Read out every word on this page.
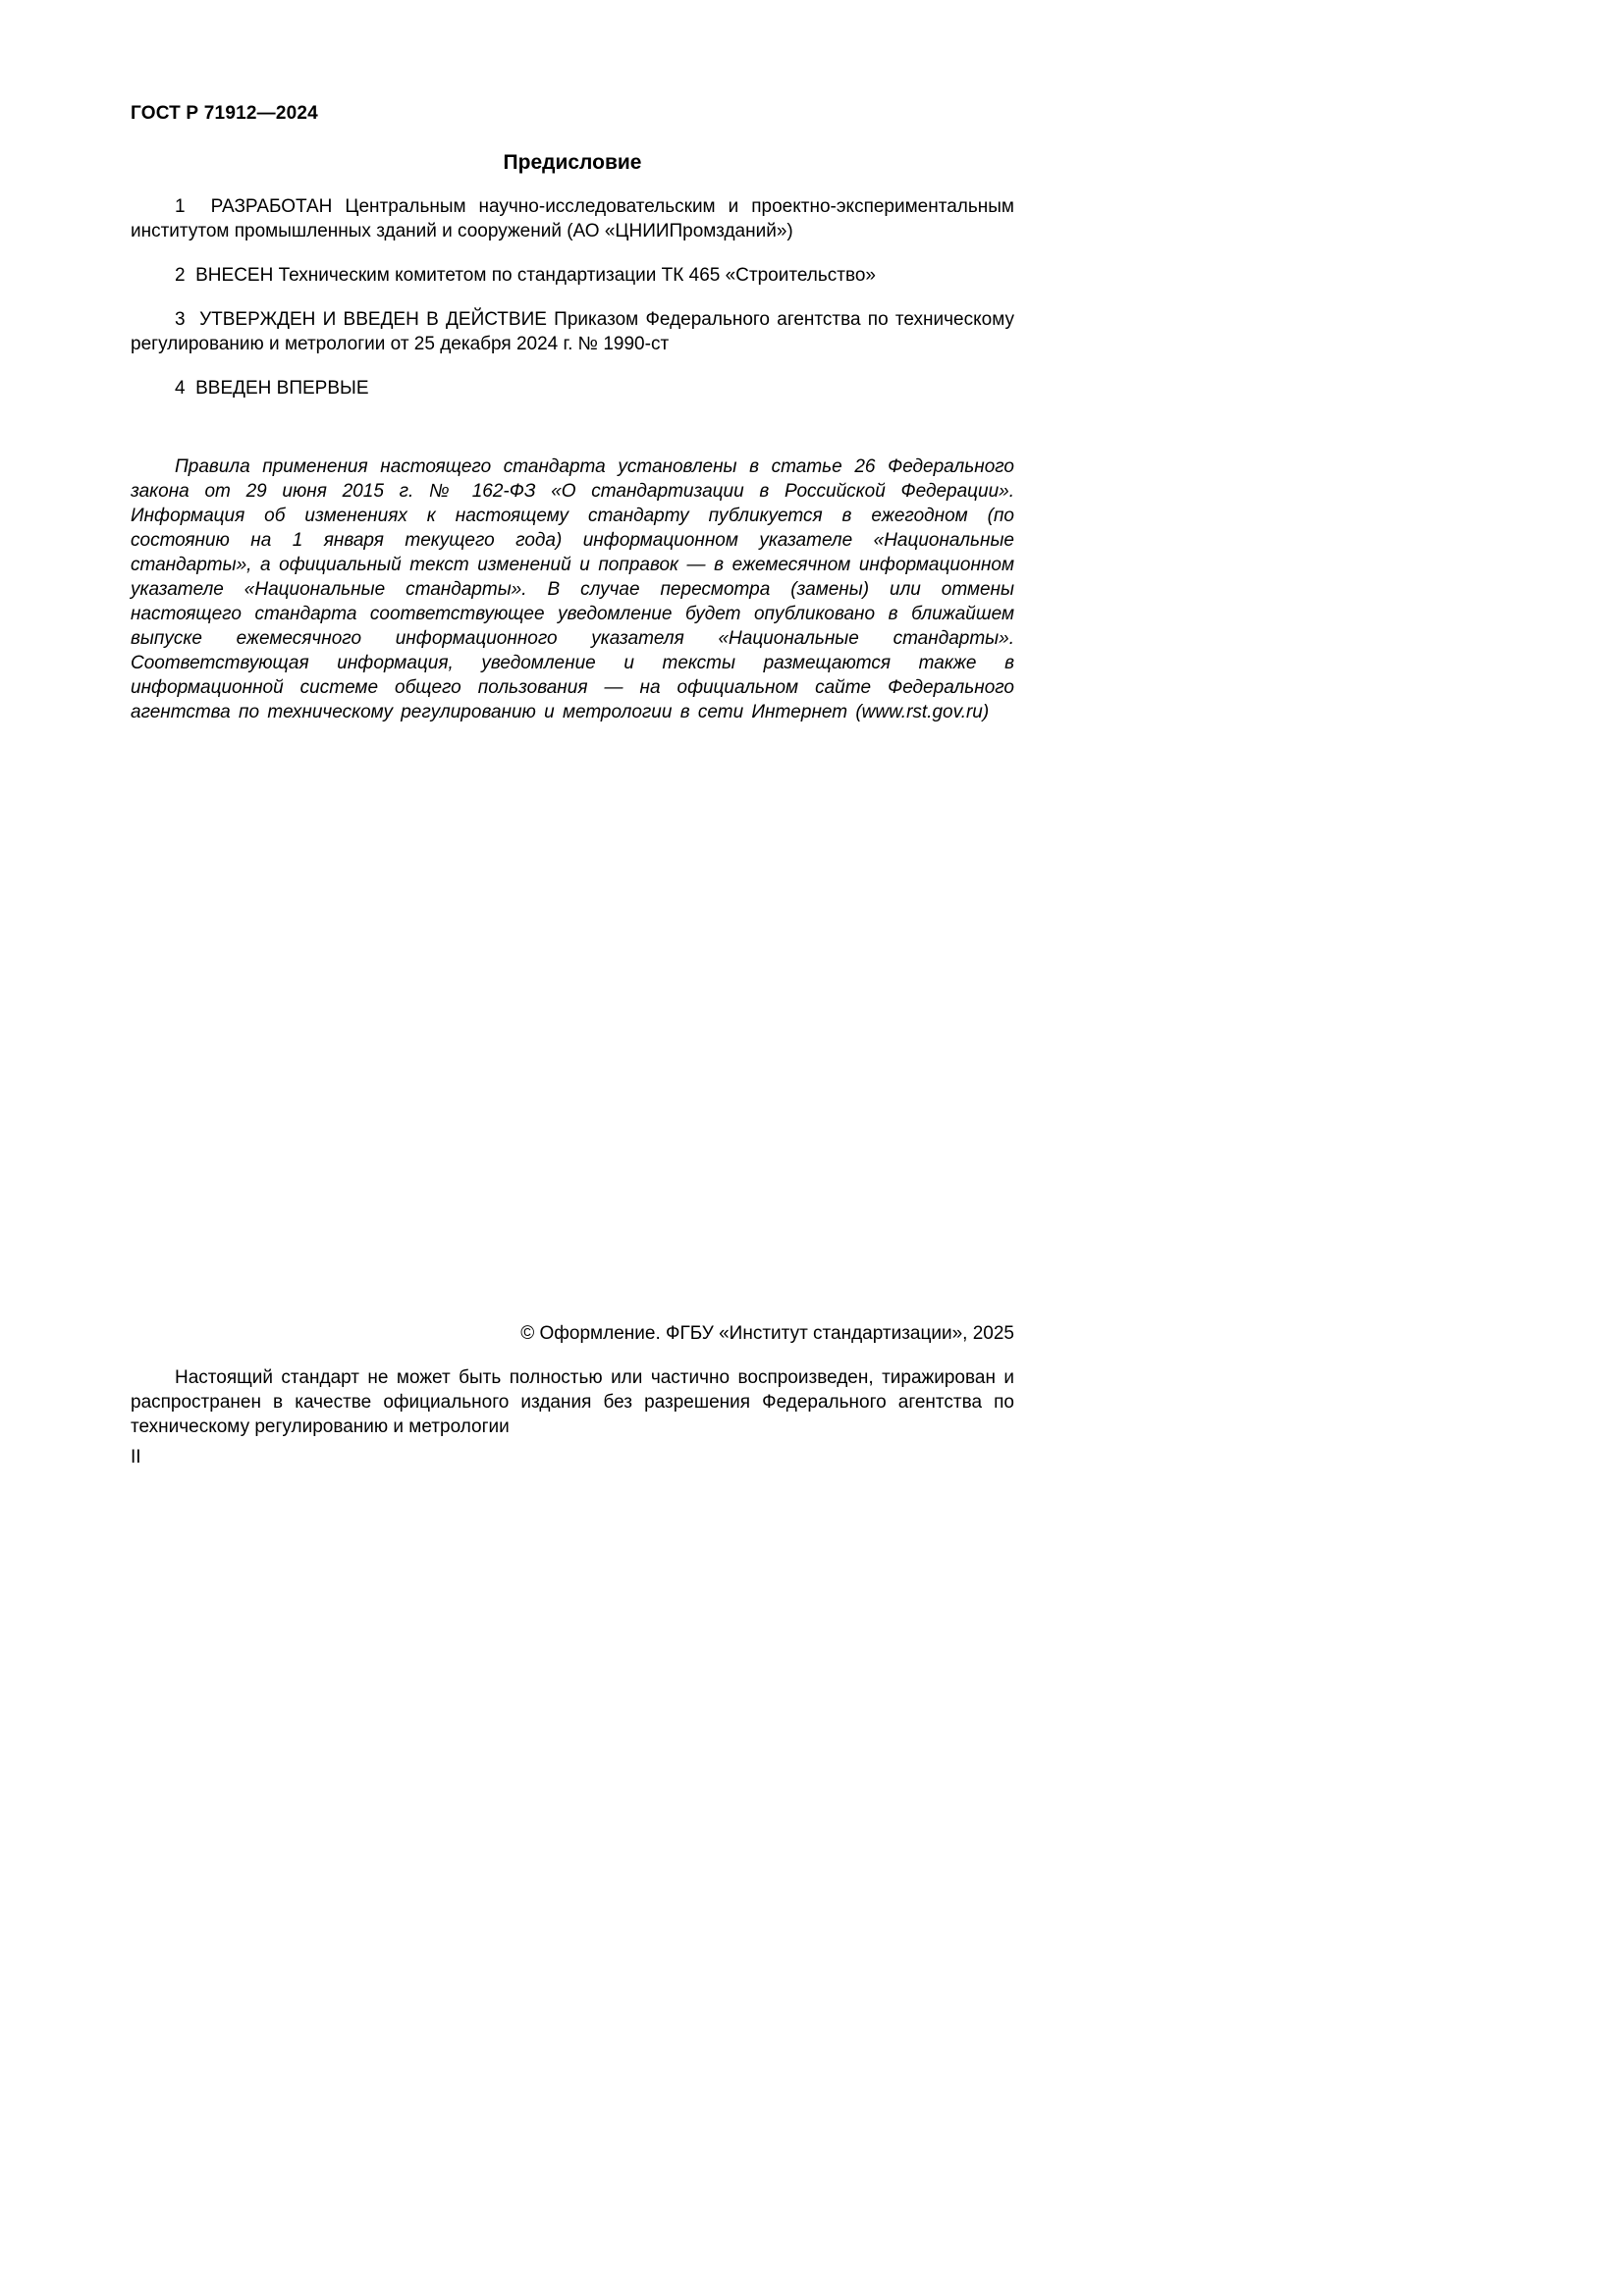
ГОСТ Р 71912—2024
Предисловие

1  РАЗРАБОТАН Центральным научно-исследовательским и проектно-экспериментальным институтом промышленных зданий и сооружений (АО «ЦНИИПромзданий»)

2  ВНЕСЕН Техническим комитетом по стандартизации ТК 465 «Строительство»

3  УТВЕРЖДЕН И ВВЕДЕН В ДЕЙСТВИЕ Приказом Федерального агентства по техническому регулированию и метрологии от 25 декабря 2024 г. № 1990-ст

4  ВВЕДЕН ВПЕРВЫЕ

Правила применения настоящего стандарта установлены в статье 26 Федерального закона от 29 июня 2015 г. № 162-ФЗ «О стандартизации в Российской Федерации». Информация об изменениях к настоящему стандарту публикуется в ежегодном (по состоянию на 1 января текущего года) информационном указателе «Национальные стандарты», а официальный текст изменений и поправок — в ежемесячном информационном указателе «Национальные стандарты». В случае пересмотра (замены) или отмены настоящего стандарта соответствующее уведомление будет опубликовано в ближайшем выпуске ежемесячного информационного указателя «Национальные стандарты». Соответствующая информация, уведомление и тексты размещаются также в информационной системе общего пользования — на официальном сайте Федерального агентства по техническому регулированию и метрологии в сети Интернет (www.rst.gov.ru)

© Оформление. ФГБУ «Институт стандартизации», 2025

Настоящий стандарт не может быть полностью или частично воспроизведен, тиражирован и распространен в качестве официального издания без разрешения Федерального агентства по техническому регулированию и метрологии

II
